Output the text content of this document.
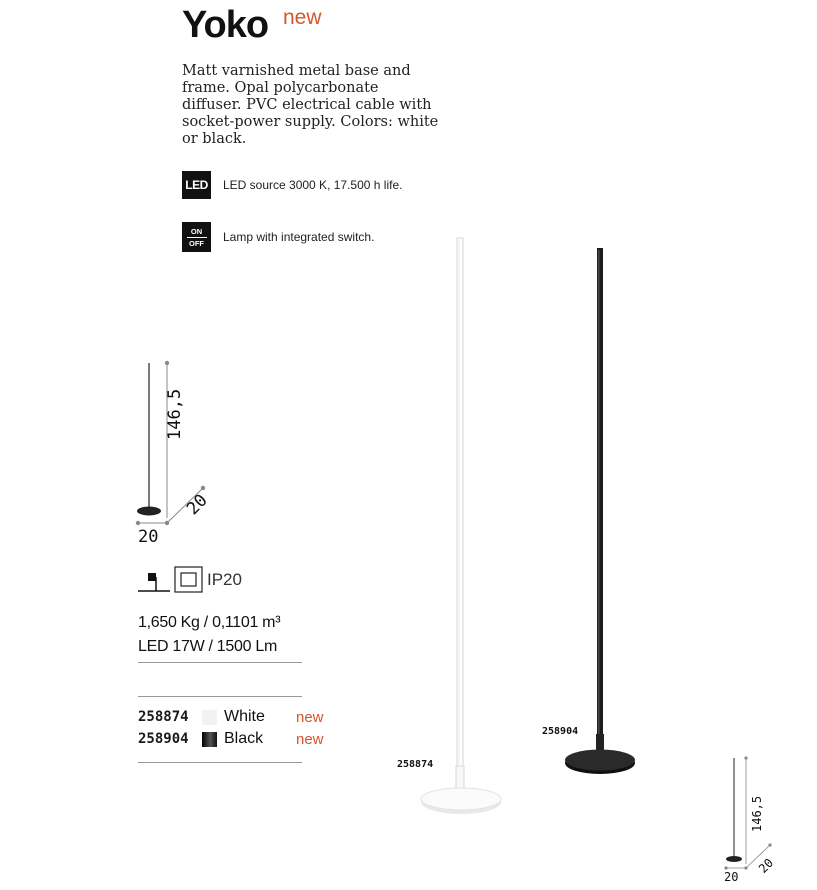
Yoko new
Matt varnished metal base and frame. Opal polycarbonate diffuser. PVC electrical cable with socket-power supply. Colors: white or black.
LED LED source 3000 K, 17.500 h life.
ON
OFF Lamp with integrated switch.
146,5
20
20
IP20
1,650 Kg / 0,1101 m³
LED 17W / 1500 Lm
258874	White	new
258904	Black	new
258874
258904
146,5
20
20
